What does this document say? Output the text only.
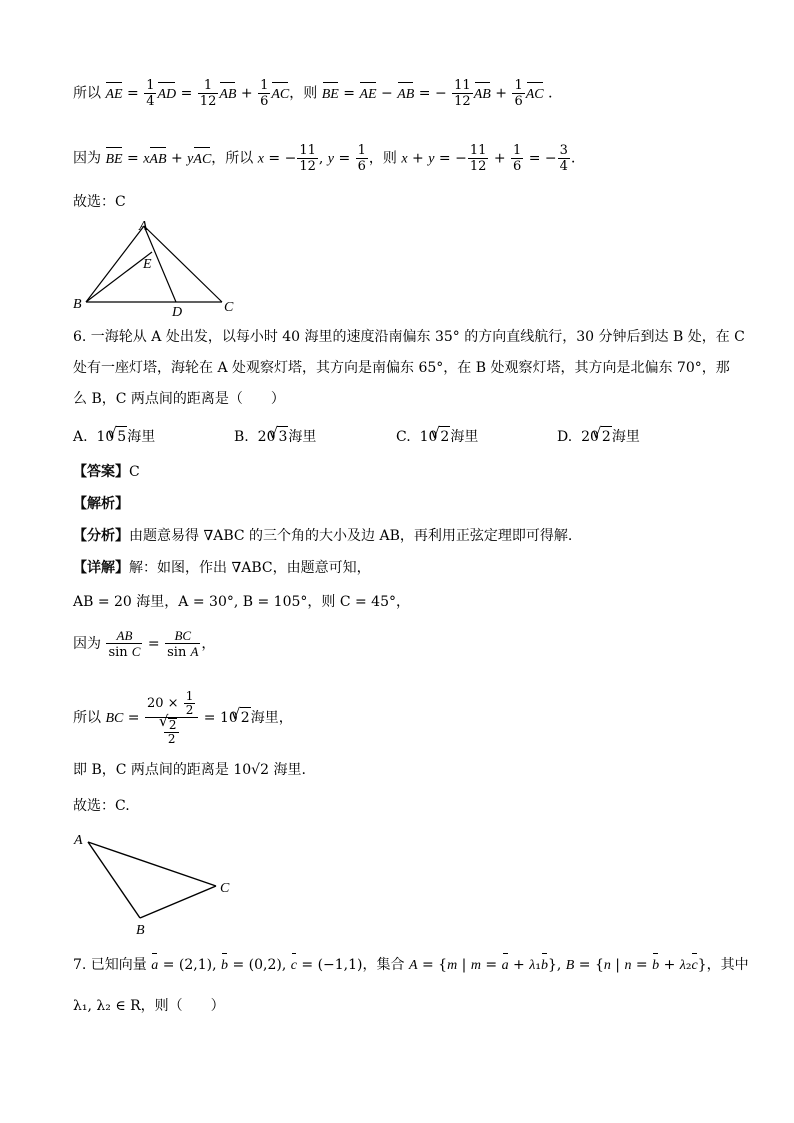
所以 AE = $\frac{1}{4}$ AD = $\frac{1}{12}$ AB + $\frac{1}{6}$ AC，则 BE = AE − AB = − $\frac{11}{12}$ AB + $\frac{1}{6}$ AC ．
因为 BE = xAB + yAC，所以 x = − $\frac{11}{12}$ , $y = \frac{1}{6}$ ，则 x + y = − $\frac{11}{12} + \frac{1}{6}$ = − $\frac{3}{4}$ ．
故选：C
A
B	C
D
E
6. 一海轮从 A 处出发，以每小时 40 海里的速度沿南偏东 35° 的方向直线航行，30 分钟后到达 B 处，在 C
处有一座灯塔，海轮在 A 处观察灯塔，其方向是南偏东 65°，在 B 处观察灯塔，其方向是北偏东 70°，那
么 B，C 两点间的距离是（　　）
A. 10√ 5海里	B. 20√ 3海里	C. 10√ 2海里	D. 20√ 2海里
【答案】C
【解析】
【分析】由题意易得 ∇ABC 的三个角的大小及边 AB，再利用正弦定理即可得解.
【详解】解：如图，作出 ∇ABC，由题意可知，
AB = 20 海里，A = 30°, B = 105°，则 C = 45°，
因为 $\frac{AB}{\text{sin C}} = \frac{BC}{\text{sin A}}$ ，
所以 BC = $20 \times \frac{1}{2}$
√ $\frac{2}{2} = 10√$ 2海里，
即 B，C 两点间的距离是 10√2 海里.
故选：C.
A
C
B
7. 已知向量 a = (2,1), b = (0,2), c = (−1,1)，集合 A = {m | m = a + λ₁b}, B = {n | n = b + λ₂c}，其中
λ₁, λ₂ ∈ R，则（　　）
